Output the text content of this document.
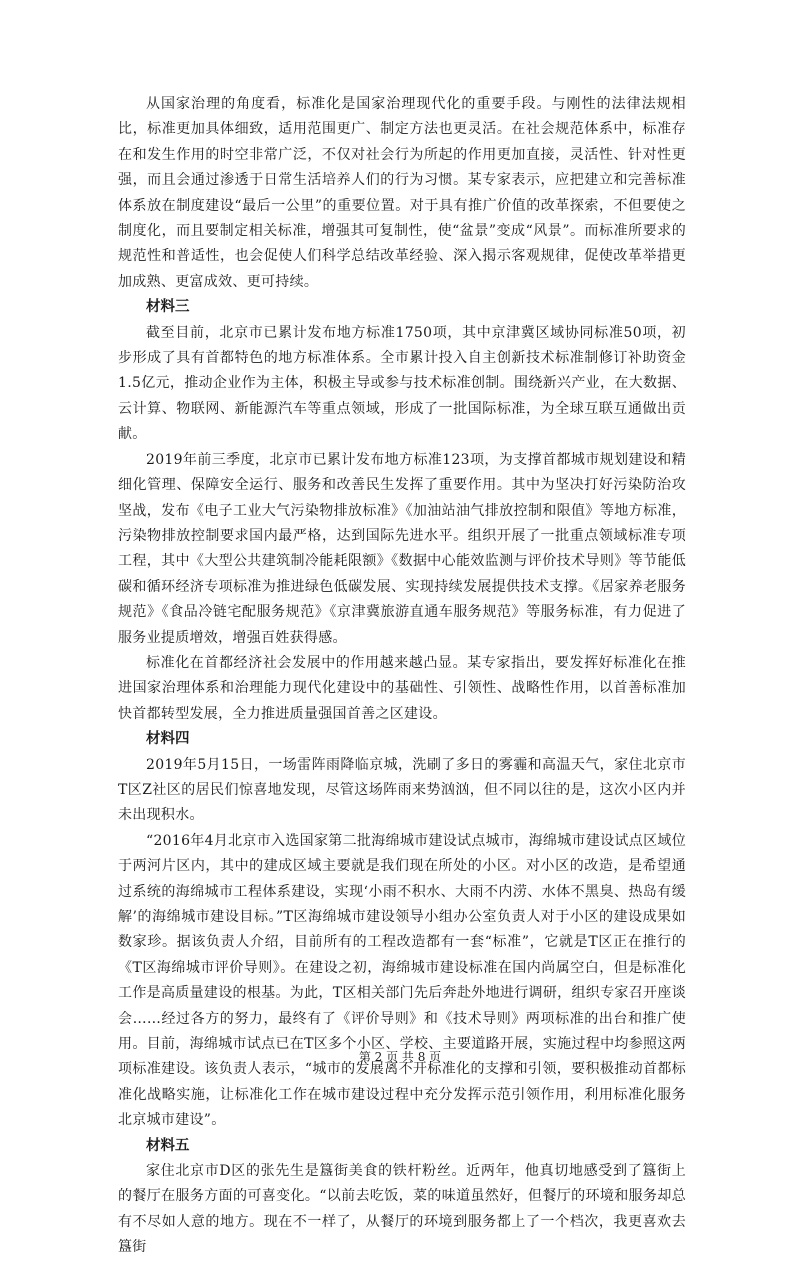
从国家治理的角度看，标准化是国家治理现代化的重要手段。与刚性的法律法规相比，标准更加具体细致，适用范围更广、制定方法也更灵活。在社会规范体系中，标准存在和发生作用的时空非常广泛，不仅对社会行为所起的作用更加直接，灵活性、针对性更强，而且会通过渗透于日常生活培养人们的行为习惯。某专家表示，应把建立和完善标准体系放在制度建设“最后一公里”的重要位置。对于具有推广价值的改革探索，不但要使之制度化，而且要制定相关标准，增强其可复制性，使“盆景”变成“风景”。而标准所要求的规范性和普适性，也会促使人们科学总结改革经验、深入揭示客观规律，促使改革举措更加成熟、更富成效、更可持续。

材料三

截至目前，北京市已累计发布地方标准1750项，其中京津冀区域协同标准50项，初步形成了具有首都特色的地方标准体系。全市累计投入自主创新技术标准制修订补助资金1.5亿元，推动企业作为主体，积极主导或参与技术标准创制。围绕新兴产业，在大数据、云计算、物联网、新能源汽车等重点领域，形成了一批国际标准，为全球互联互通做出贡献。

2019年前三季度，北京市已累计发布地方标准123项，为支撑首都城市规划建设和精细化管理、保障安全运行、服务和改善民生发挥了重要作用。其中为坚决打好污染防治攻坚战，发布《电子工业大气污染物排放标准》《加油站油气排放控制和限值》等地方标准，污染物排放控制要求国内最严格，达到国际先进水平。组织开展了一批重点领域标准专项工程，其中《大型公共建筑制冷能耗限额》《数据中心能效监测与评价技术导则》等节能低碳和循环经济专项标准为推进绿色低碳发展、实现持续发展提供技术支撑。《居家养老服务规范》《食品冷链宅配服务规范》《京津冀旅游直通车服务规范》等服务标准，有力促进了服务业提质增效，增强百姓获得感。

标准化在首都经济社会发展中的作用越来越凸显。某专家指出，要发挥好标准化在推进国家治理体系和治理能力现代化建设中的基础性、引领性、战略性作用，以首善标准加快首都转型发展，全力推进质量强国首善之区建设。

材料四

2019年5月15日，一场雷阵雨降临京城，洗刷了多日的雾霾和高温天气，家住北京市T区Z社区的居民们惊喜地发现，尽管这场阵雨来势汹汹，但不同以往的是，这次小区内并未出现积水。

“2016年4月北京市入选国家第二批海绵城市建设试点城市，海绵城市建设试点区域位于两河片区内，其中的建成区域主要就是我们现在所处的小区。对小区的改造，是希望通过系统的海绵城市工程体系建设，实现‘小雨不积水、大雨不内涝、水体不黑臭、热岛有缓解’的海绵城市建设目标。”T区海绵城市建设领导小组办公室负责人对于小区的建设成果如数家珍。据该负责人介绍，目前所有的工程改造都有一套“标准”，它就是T区正在推行的《T区海绵城市评价导则》。在建设之初，海绵城市建设标准在国内尚属空白，但是标准化工作是高质量建设的根基。为此，T区相关部门先后奔赴外地进行调研，组织专家召开座谈会……经过各方的努力，最终有了《评价导则》和《技术导则》两项标准的出台和推广使用。目前，海绵城市试点已在T区多个小区、学校、主要道路开展，实施过程中均参照这两项标准建设。该负责人表示，“城市的发展离不开标准化的支撑和引领，要积极推动首都标准化战略实施，让标准化工作在城市建设过程中充分发挥示范引领作用，利用标准化服务北京城市建设”。

材料五

家住北京市D区的张先生是簋街美食的铁杆粉丝。近两年，他真切地感受到了簋街上的餐厅在服务方面的可喜变化。“以前去吃饭，菜的味道虽然好，但餐厅的环境和服务却总有不尽如人意的地方。现在不一样了，从餐厅的环境到服务都上了一个档次，我更喜欢去簋街

第 2 页 共 8 页
